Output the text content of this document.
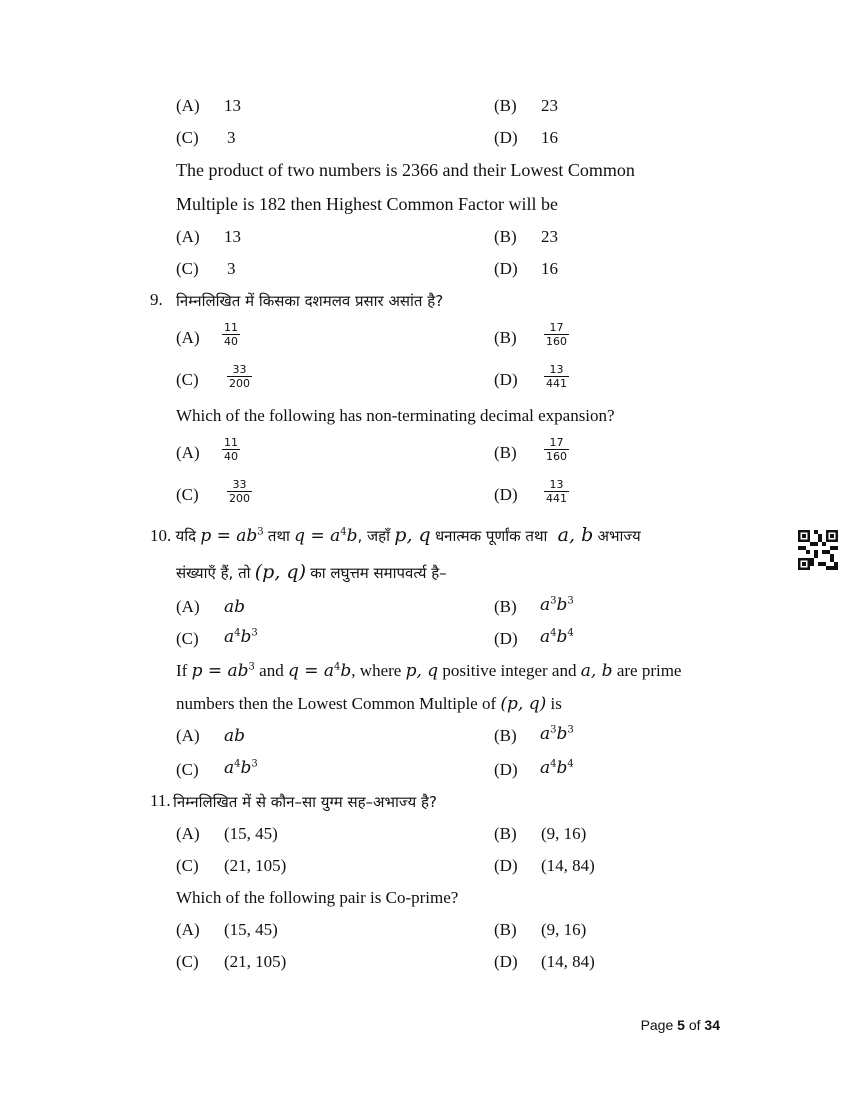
(A) 13	(B) 23
(C) 3	(D) 16
The product of two numbers is 2366 and their Lowest Common
Multiple is 182 then Highest Common Factor will be
(A) 13	(B) 23
(C) 3	(D) 16
9. निम्नलिखित में किसका दशमलव प्रसार असांत है?
$(A) \frac{11}{40}$	$(B) \frac{17}{160}$
(C)	$\frac{33}{200}$	$(D) \frac{13}{441}$
Which of the following has non-terminating decimal expansion?
$(A) \frac{11}{40}$	$(B) \frac{17}{160}$
(C)	$\frac{33}{200}$	$(D) \frac{13}{441}$
10. यदि $p = ab^3$ तथा $q = a^4b$, जहाँ p, q धनात्मक पूर्णांक तथा a, b अभाज्य
संख्याएँ हैं, तो (p, q) का लघुत्तम समापवर्त्य है–
(A) ab	(B) $a^3b^3$
(C) $a^4b^3$	(D) $a^4b^4$
If $p = ab^3$ and $q = a^4b$, where p, q positive integer and a, b are prime
numbers then the Lowest Common Multiple of (p, q) is
(A) ab	(B) $a^3b^3$
(C) $a^4b^3$	(D) $a^4b^4$
11. निम्नलिखित में से कौन–सा युग्म सह–अभाज्य है?
(A) (15, 45)	(B) (9, 16)
(C) (21, 105)	(D) (14, 84)
Which of the following pair is Co-prime?
(A) (15, 45)	(B) (9, 16)
(C) (21, 105)	(D) (14, 84)
Page 5 of 34
